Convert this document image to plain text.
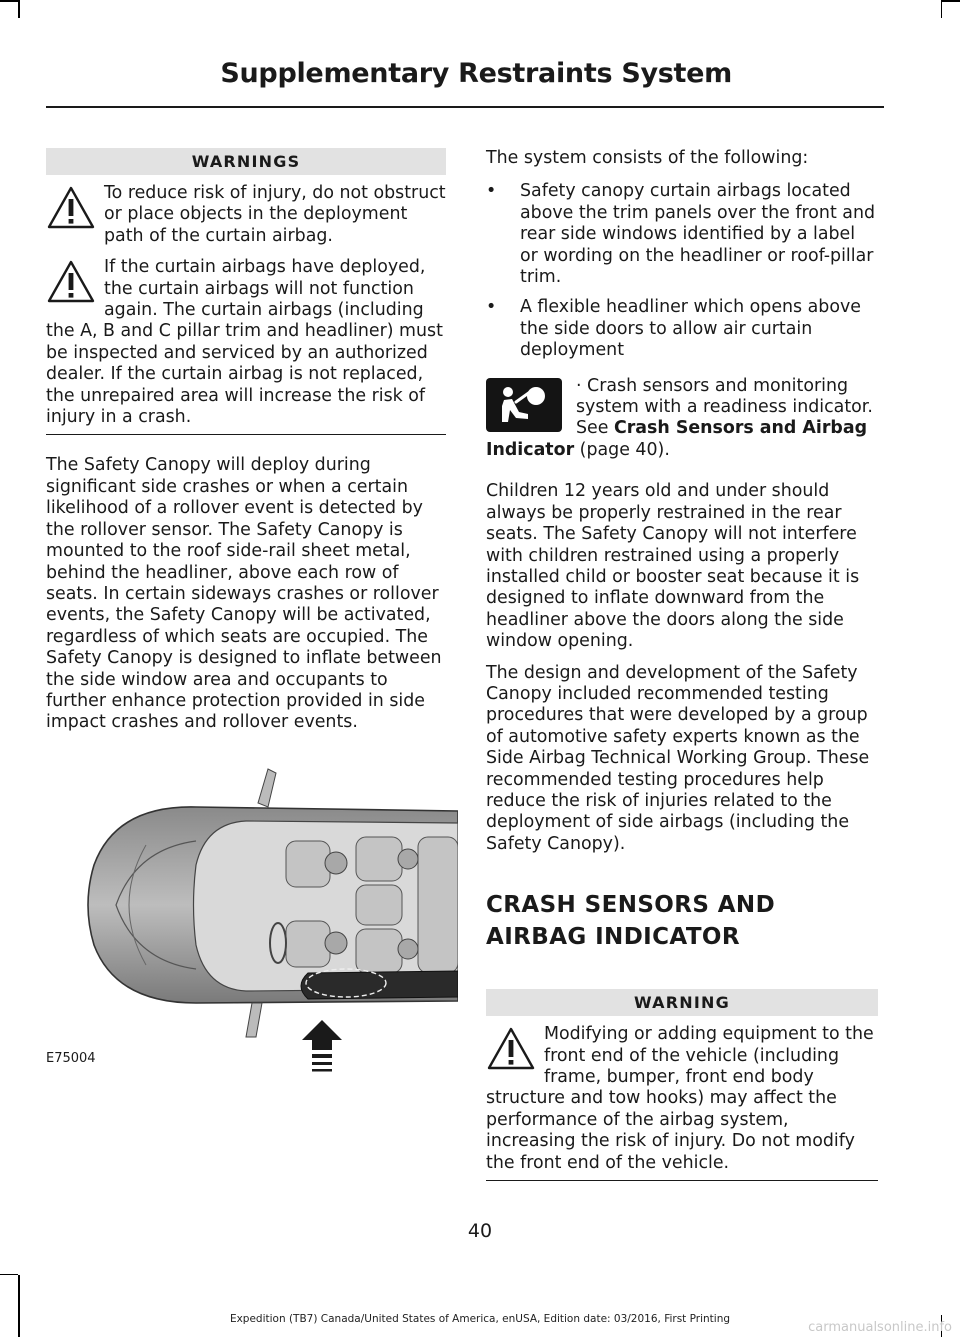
Supplementary Restraints System
WARNINGS

To reduce risk of injury, do not obstruct or place objects in the deployment path of the curtain airbag.

If the curtain airbags have deployed, the curtain airbags will not function again. The curtain airbags (including the A, B and C pillar trim and headliner) must be inspected and serviced by an authorized dealer. If the curtain airbag is not replaced, the unrepaired area will increase the risk of injury in a crash.

The Safety Canopy will deploy during significant side crashes or when a certain likelihood of a rollover event is detected by the rollover sensor. The Safety Canopy is mounted to the roof side-rail sheet metal, behind the headliner, above each row of seats. In certain sideways crashes or rollover events, the Safety Canopy will be activated, regardless of which seats are occupied. The Safety Canopy is designed to inflate between the side window area and occupants to further enhance protection provided in side impact crashes and rollover events.

E75004

The system consists of the following:

• Safety canopy curtain airbags located above the trim panels over the front and rear side windows identified by a label or wording on the headliner or roof-pillar trim.
• A flexible headliner which opens above the side doors to allow air curtain deployment
· Crash sensors and monitoring system with a readiness indicator. See Crash Sensors and Airbag Indicator (page 40).

Children 12 years old and under should always be properly restrained in the rear seats. The Safety Canopy will not interfere with children restrained using a properly installed child or booster seat because it is designed to inflate downward from the headliner above the doors along the side window opening.

The design and development of the Safety Canopy included recommended testing procedures that were developed by a group of automotive safety experts known as the Side Airbag Technical Working Group. These recommended testing procedures help reduce the risk of injuries related to the deployment of side airbags (including the Safety Canopy).

CRASH SENSORS AND
AIRBAG INDICATOR
WARNING

Modifying or adding equipment to the front end of the vehicle (including frame, bumper, front end body structure and tow hooks) may affect the performance of the airbag system, increasing the risk of injury. Do not modify the front end of the vehicle.

40
Expedition (TB7) Canada/United States of America, enUSA, Edition date: 03/2016, First Printing
carmanualsonline.info
